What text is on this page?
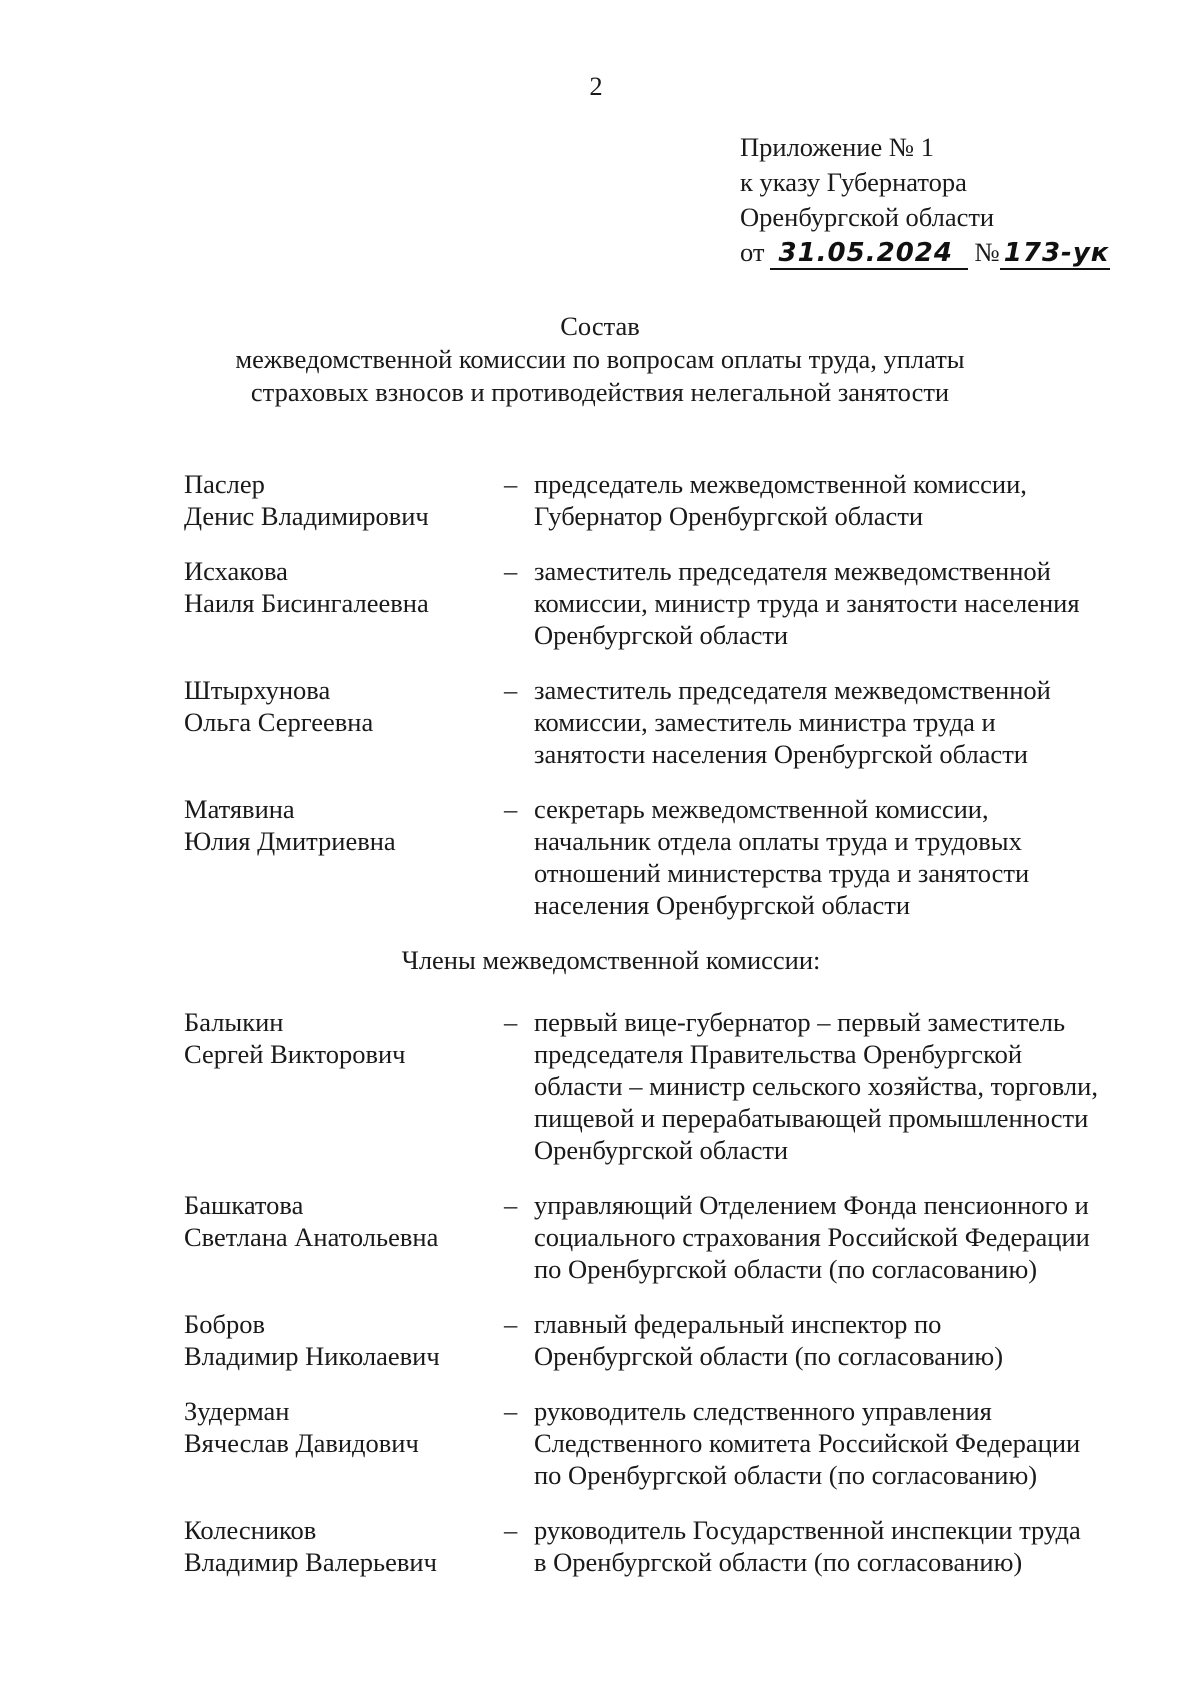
2
Приложение № 1
к указу Губернатора
Оренбургской области
от 31.05.2024 № 173-ук
Состав
межведомственной комиссии по вопросам оплаты труда, уплаты
страховых взносов и противодействия нелегальной занятости
Паслер
Денис Владимирович
– председатель межведомственной комиссии,
Губернатор Оренбургской области
Исхакова
Наиля Бисингалеевна
– заместитель председателя межведомственной
комиссии, министр труда и занятости населения
Оренбургской области
Штырхунова
Ольга Сергеевна
– заместитель председателя межведомственной
комиссии, заместитель министра труда и
занятости населения Оренбургской области
Матявина
Юлия Дмитриевна
– секретарь межведомственной комиссии,
начальник отдела оплаты труда и трудовых
отношений министерства труда и занятости
населения Оренбургской области
Члены межведомственной комиссии:
Балыкин
Сергей Викторович
– первый вице-губернатор – первый заместитель
председателя Правительства Оренбургской
области – министр сельского хозяйства, торговли,
пищевой и перерабатывающей промышленности
Оренбургской области
Башкатова
Светлана Анатольевна
– управляющий Отделением Фонда пенсионного и
социального страхования Российской Федерации
по Оренбургской области (по согласованию)
Бобров
Владимир Николаевич
– главный федеральный инспектор по
Оренбургской области (по согласованию)
Зудерман
Вячеслав Давидович
– руководитель следственного управления
Следственного комитета Российской Федерации
по Оренбургской области (по согласованию)
Колесников
Владимир Валерьевич
– руководитель Государственной инспекции труда
в Оренбургской области (по согласованию)
